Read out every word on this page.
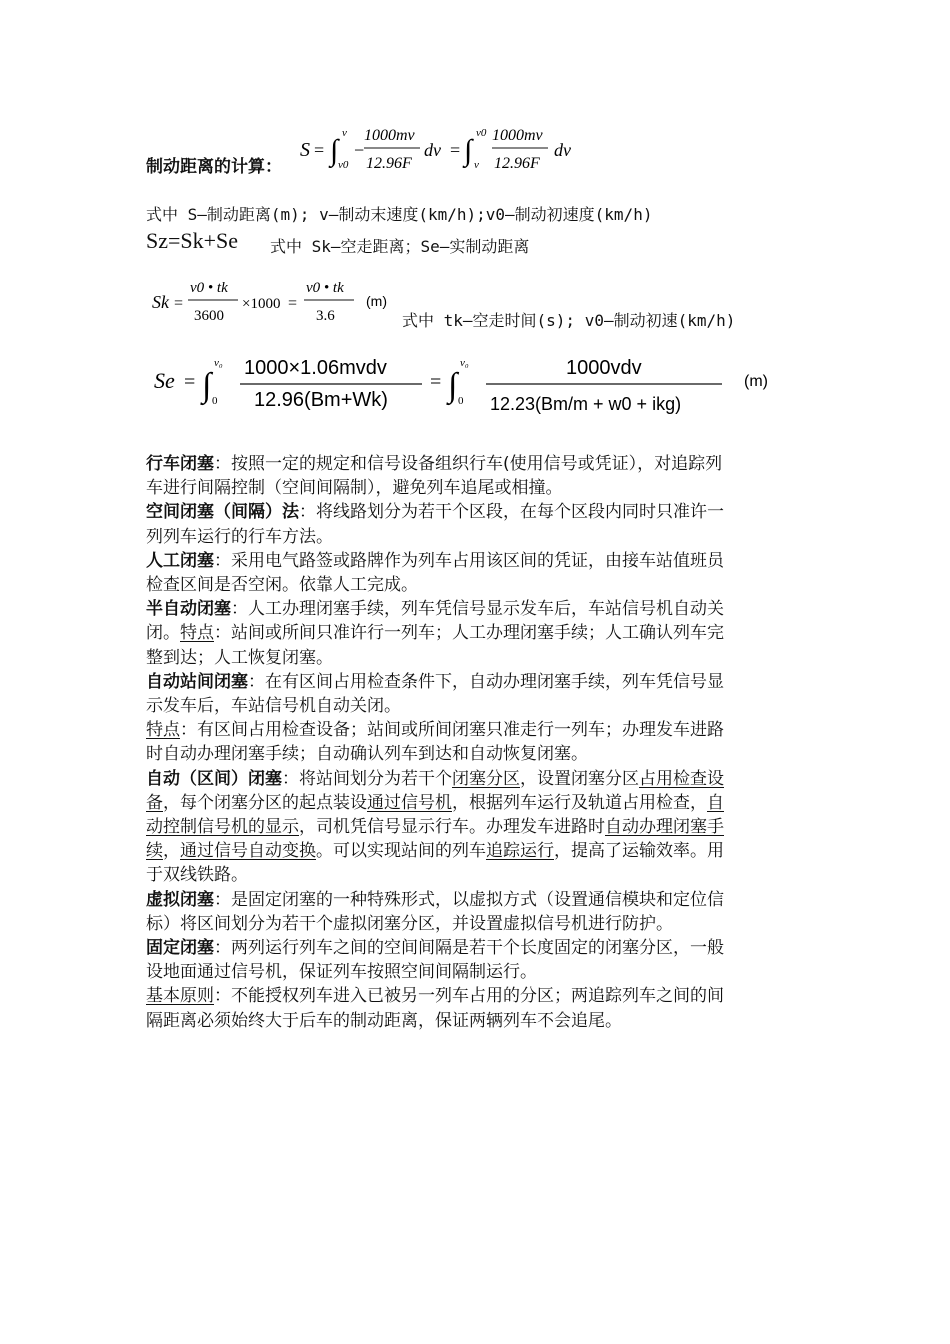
制动距离的计算：
S = ∫
v
v0
−
1000mv
12.96F
dv = ∫
v0
v
1000mv
12.96F
dv
式中 S—制动距离(m); v—制动末速度(km/h);v0—制动初速度(km/h)
Sz=Sk+Se 式中 Sk—空走距离；Se—实制动距离
Sk =
v0 • tk
3600
×1000 =
v0 • tk
3.6
(m)
式中 tk—空走时间(s); v0—制动初速(km/h)
Se = ∫
v₀
0
1000×1.06mvdv
12.96(Bm+Wk)
= ∫
v₀
0
1000vdv
12.23(Bm/m + w0 + ikg)
(m)
行车闭塞：按照一定的规定和信号设备组织行车(使用信号或凭证），对追踪列
车进行间隔控制（空间间隔制），避免列车追尾或相撞。
空间闭塞（间隔）法：将线路划分为若干个区段，在每个区段内同时只准许一
列列车运行的行车方法。
人工闭塞：采用电气路签或路牌作为列车占用该区间的凭证，由接车站值班员
检查区间是否空闲。依靠人工完成。
半自动闭塞：人工办理闭塞手续，列车凭信号显示发车后，车站信号机自动关
闭。特点：站间或所间只准许行一列车；人工办理闭塞手续；人工确认列车完
整到达；人工恢复闭塞。
自动站间闭塞：在有区间占用检查条件下，自动办理闭塞手续，列车凭信号显
示发车后，车站信号机自动关闭。
特点：有区间占用检查设备；站间或所间闭塞只准走行一列车；办理发车进路
时自动办理闭塞手续；自动确认列车到达和自动恢复闭塞。
自动（区间）闭塞：将站间划分为若干个闭塞分区，设置闭塞分区占用检查设
备，每个闭塞分区的起点装设通过信号机，根据列车运行及轨道占用检查，自
动控制信号机的显示，司机凭信号显示行车。办理发车进路时自动办理闭塞手
续，通过信号自动变换。可以实现站间的列车追踪运行，提高了运输效率。用
于双线铁路。
虚拟闭塞：是固定闭塞的一种特殊形式，以虚拟方式（设置通信模块和定位信
标）将区间划分为若干个虚拟闭塞分区，并设置虚拟信号机进行防护。
固定闭塞：两列运行列车之间的空间间隔是若干个长度固定的闭塞分区，一般
设地面通过信号机，保证列车按照空间间隔制运行。
基本原则：不能授权列车进入已被另一列车占用的分区；两追踪列车之间的间
隔距离必须始终大于后车的制动距离，保证两辆列车不会追尾。
